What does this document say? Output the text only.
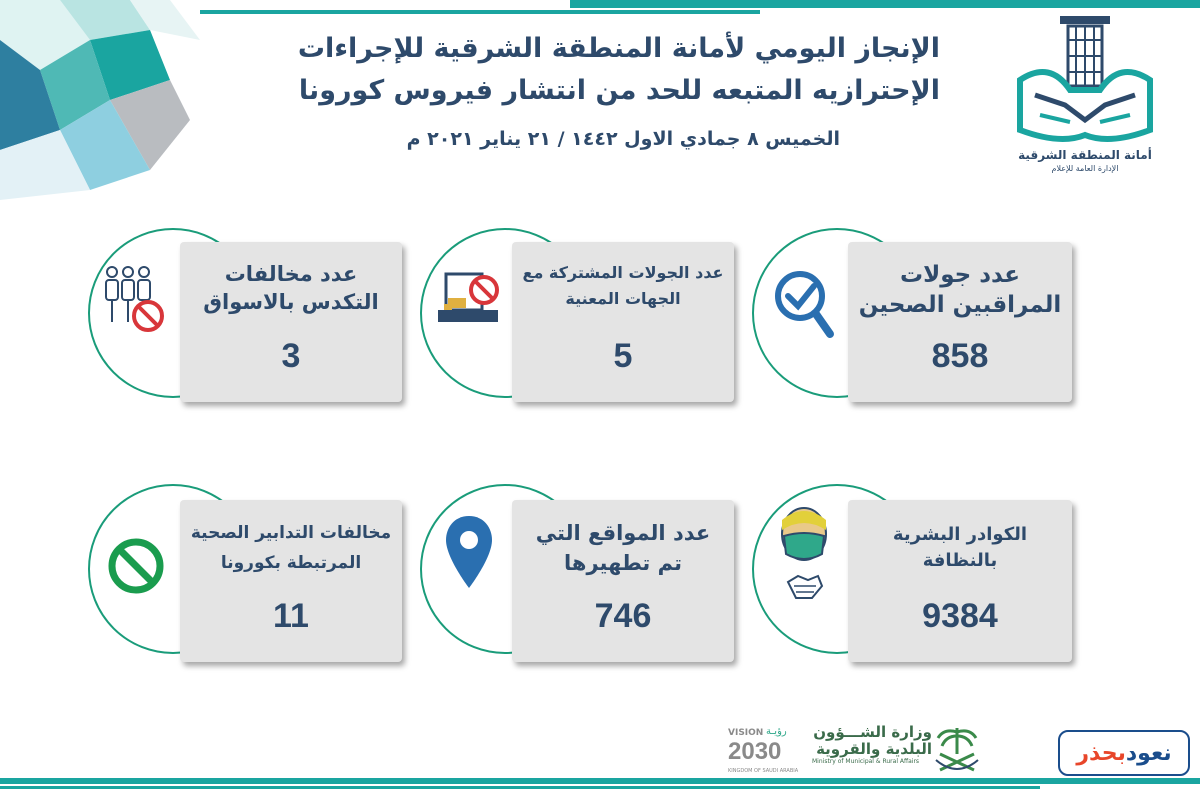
الإنجاز اليومي لأمانة المنطقة الشرقية للإجراءات
الإحترازيه المتبعه للحد من انتشار فيروس كورونا
الخميس ٨ جمادي الاول ١٤٤٢ / ٢١ يناير ٢٠٢١ م
أمانة المنطقة الشرقية
الإدارة العامة للإعلام
عدد جولات
المراقبين الصحين
858
عدد الجولات المشتركة مع
الجهات المعنية
5
عدد مخالفات
التكدس بالاسواق
3
الكوادر البشرية بالنظافة
9384
عدد المواقع التي
تم تطهيرها
746
مخالفات التدابير الصحية
المرتبطة بكورونا
11
VISION رؤيـة
2030
KINGDOM OF SAUDI ARABIA
وزارة الشـــؤون
البلدية والقروية
Ministry of Municipal & Rural Affairs	نعود
بحذر
